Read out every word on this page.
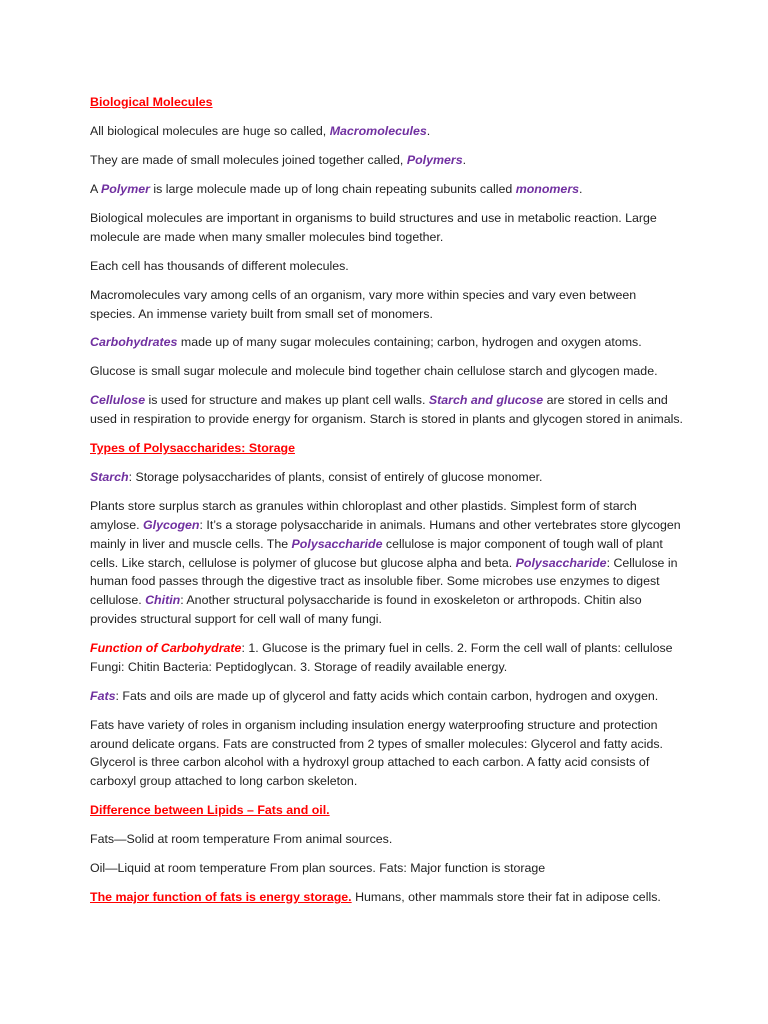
Biological Molecules

All biological molecules are huge so called, Macromolecules.

They are made of small molecules joined together called, Polymers.

A Polymer is large molecule made up of long chain repeating subunits called monomers.

Biological molecules are important in organisms to build structures and use in metabolic reaction. Large molecule are made when many smaller molecules bind together.

Each cell has thousands of different molecules.

Macromolecules vary among cells of an organism, vary more within species and vary even between species. An immense variety built from small set of monomers.

Carbohydrates made up of many sugar molecules containing; carbon, hydrogen and oxygen atoms.

Glucose is small sugar molecule and molecule bind together chain cellulose starch and glycogen made.

Cellulose is used for structure and makes up plant cell walls. Starch and glucose are stored in cells and used in respiration to provide energy for organism. Starch is stored in plants and glycogen stored in animals.

Types of Polysaccharides: Storage

Starch: Storage polysaccharides of plants, consist of entirely of glucose monomer.

Plants store surplus starch as granules within chloroplast and other plastids. Simplest form of starch amylose. Glycogen: It’s a storage polysaccharide in animals. Humans and other vertebrates store glycogen mainly in liver and muscle cells. The Polysaccharide cellulose is major component of tough wall of plant cells. Like starch, cellulose is polymer of glucose but glucose alpha and beta. Polysaccharide: Cellulose in human food passes through the digestive tract as insoluble fiber. Some microbes use enzymes to digest cellulose. Chitin: Another structural polysaccharide is found in exoskeleton or arthropods. Chitin also provides structural support for cell wall of many fungi.

Function of Carbohydrate: 1. Glucose is the primary fuel in cells. 2. Form the cell wall of plants: cellulose Fungi: Chitin Bacteria: Peptidoglycan. 3. Storage of readily available energy.

Fats: Fats and oils are made up of glycerol and fatty acids which contain carbon, hydrogen and oxygen.

Fats have variety of roles in organism including insulation energy waterproofing structure and protection around delicate organs. Fats are constructed from 2 types of smaller molecules: Glycerol and fatty acids. Glycerol is three carbon alcohol with a hydroxyl group attached to each carbon. A fatty acid consists of carboxyl group attached to long carbon skeleton.

Difference between Lipids – Fats and oil.

Fats—Solid at room temperature From animal sources.

Oil—Liquid at room temperature From plan sources. Fats: Major function is storage

The major function of fats is energy storage. Humans, other mammals store their fat in adipose cells.
